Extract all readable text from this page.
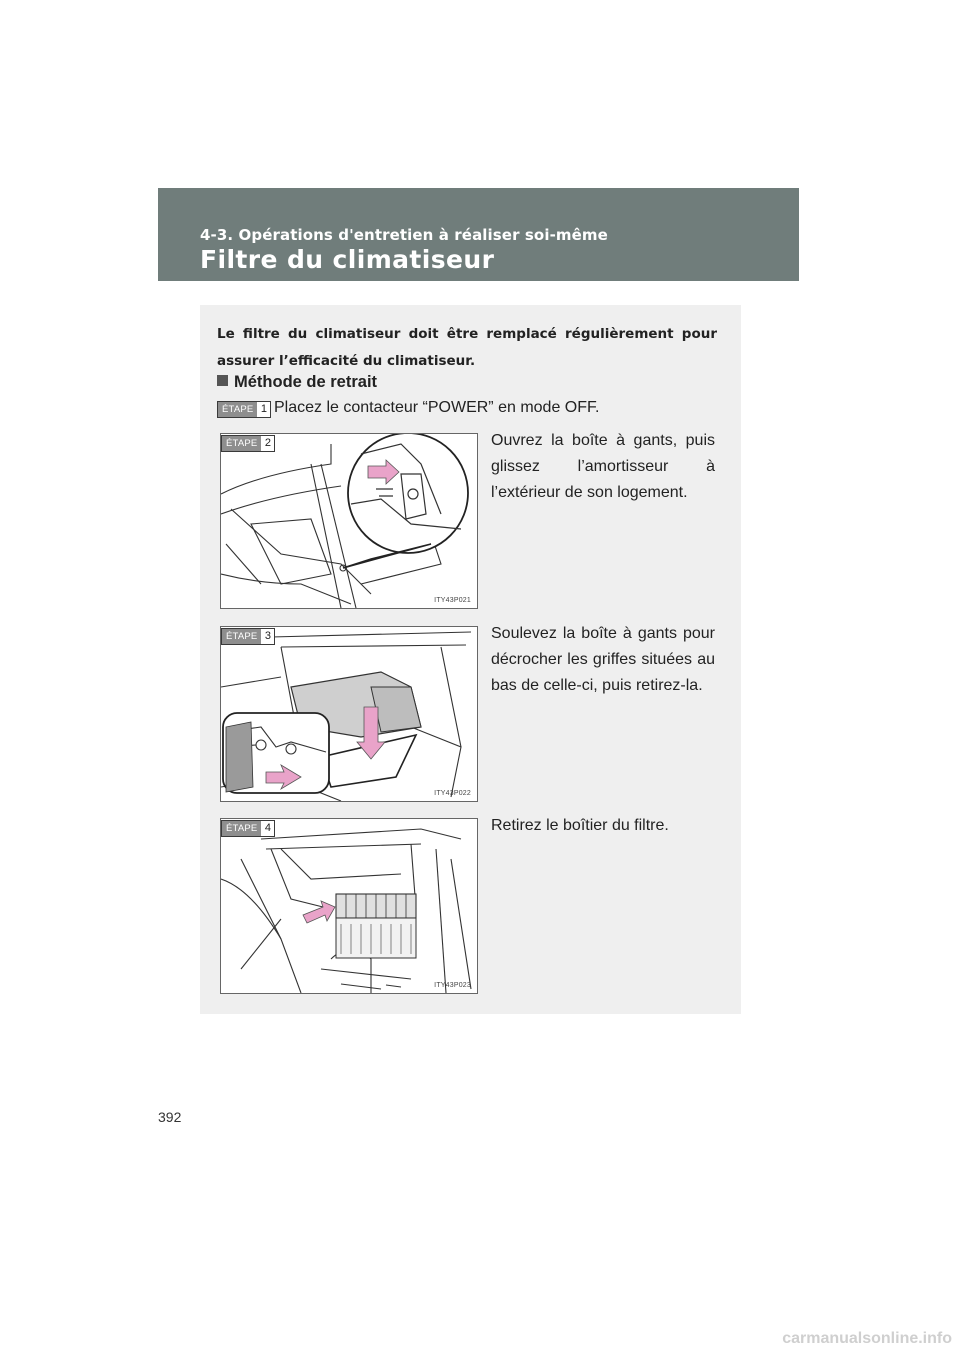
4-3. Opérations d'entretien à réaliser soi-même
Filtre du climatiseur
Le filtre du climatiseur doit être remplacé régulièrement pour assurer l’efficacité du climatiseur.
Méthode de retrait
ÉTAPE 1 Placez le contacteur “POWER” en mode OFF.
ITY43P021
ÉTAPE 2	Ouvrez la boîte à gants, puis glissez l’amortisseur à l’extérieur de son logement.
ITY43P022
ÉTAPE 3	Soulevez la boîte à gants pour décrocher les griffes situées au bas de celle-ci, puis retirez-la.
ITY43P023
ÉTAPE 4	Retirez le boîtier du filtre.
392
carmanualsonline.info
